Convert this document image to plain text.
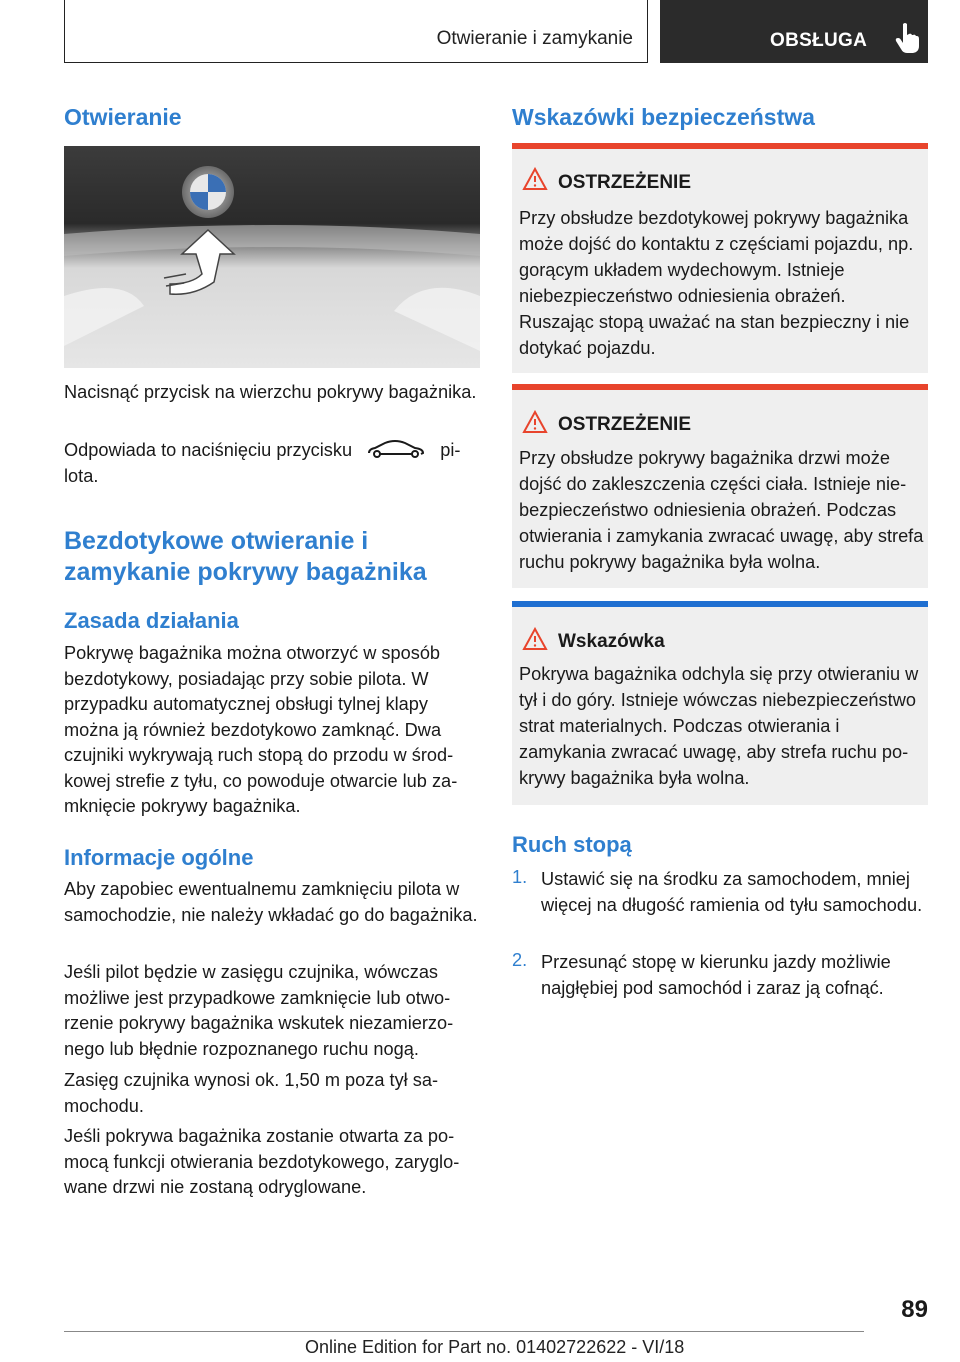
Otwieranie i zamykanie	OBSŁUGA
Otwieranie

Nacisnąć przycisk na wierzchu pokrywy bagażnika.

Odpowiada to naciśnięciu przycisku	pi-
lota.
Bezdotykowe otwieranie i zamykanie pokrywy bagażnika
Zasada działania

Pokrywę bagażnika można otworzyć w sposób bezdotykowy, posiadając przy sobie pilota. W przypadku automatycznej obsługi tylnej klapy można ją również bezdotykowo zamknąć. Dwa czujniki wykrywają ruch stopą do przodu w środkowej strefie z tyłu, co powoduje otwarcie lub zamknięcie pokrywy bagażnika.

Informacje ogólne

Aby zapobiec ewentualnemu zamknięciu pilota w samochodzie, nie należy wkładać go do bagażnika.

Jeśli pilot będzie w zasięgu czujnika, wówczas możliwe jest przypadkowe zamknięcie lub otworzenie pokrywy bagażnika wskutek niezamierzonego lub błędnie rozpoznanego ruchu nogą.

Zasięg czujnika wynosi ok. 1,50 m poza tył samochodu.

Jeśli pokrywa bagażnika zostanie otwarta za pomocą funkcji otwierania bezdotykowego, zaryglowane drzwi nie zostaną odryglowane.

Wskazówki bezpieczeństwa
OSTRZEŻENIE

Przy obsłudze bezdotykowej pokrywy bagażnika może dojść do kontaktu z częściami pojazdu, np. gorącym układem wydechowym. Istnieje niebezpieczeństwo odniesienia obrażeń. Ruszając stopą uważać na stan bezpieczny i nie dotykać pojazdu.

OSTRZEŻENIE

Przy obsłudze pokrywy bagażnika drzwi może dojść do zakleszczenia części ciała. Istnieje niebezpieczeństwo odniesienia obrażeń. Podczas otwierania i zamykania zwracać uwagę, aby strefa ruchu pokrywy bagażnika była wolna.

Wskazówka

Pokrywa bagażnika odchyla się przy otwieraniu w tył i do góry. Istnieje wówczas niebezpieczeństwo strat materialnych. Podczas otwierania i zamykania zwracać uwagę, aby strefa ruchu pokrywy bagażnika była wolna.

Ruch stopą
1. Ustawić się na środku za samochodem, mniej więcej na długość ramienia od tyłu samochodu.

2. Przesunąć stopę w kierunku jazdy możliwie najgłębiej pod samochód i zaraz ją cofnąć.

89
Online Edition for Part no. 01402722622 - VI/18
